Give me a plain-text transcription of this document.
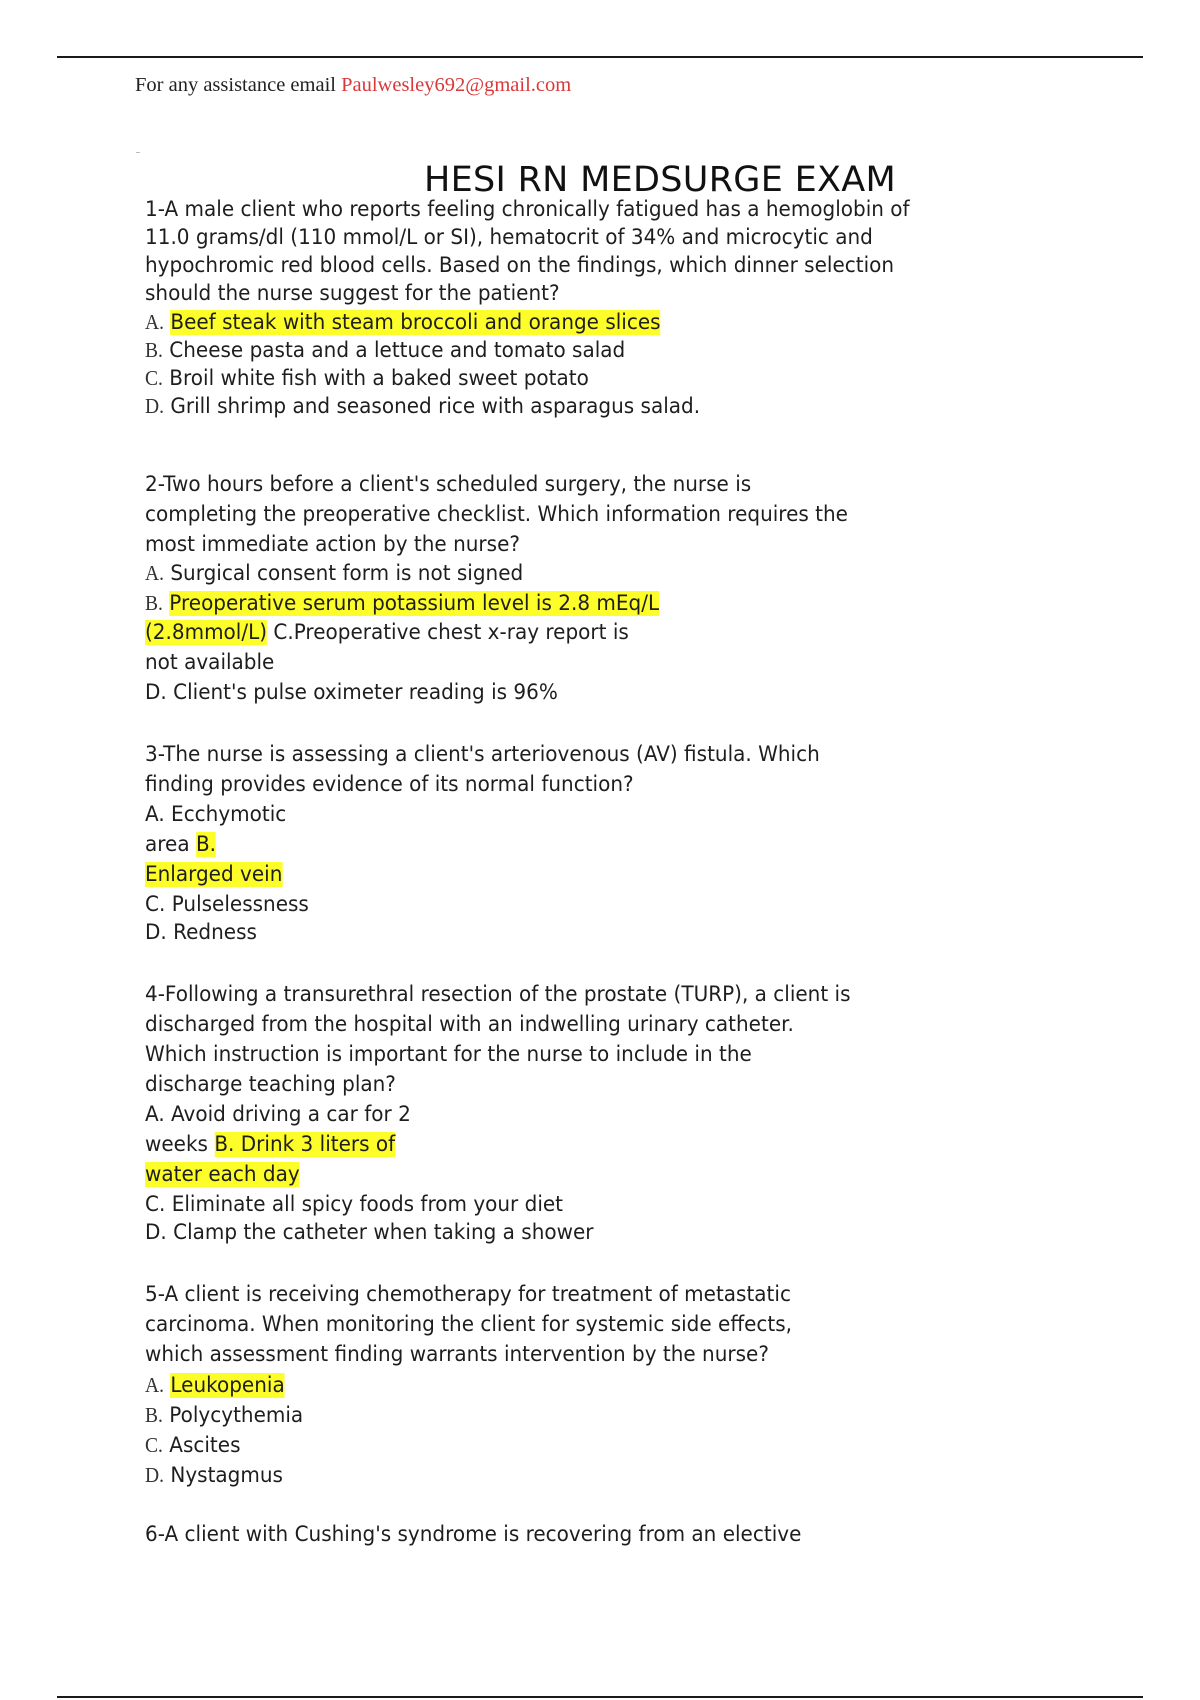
For any assistance email Paulwesley692@gmail.com
HESI RN MEDSURGE EXAM
1-A male client who reports feeling chronically fatigued has a hemoglobin of
11.0 grams/dl (110 mmol/L or SI), hematocrit of 34% and microcytic and
hypochromic red blood cells. Based on the findings, which dinner selection
should the nurse suggest for the patient?
A. Beef steak with steam broccoli and orange slices
B. Cheese pasta and a lettuce and tomato salad
C. Broil white fish with a baked sweet potato
D. Grill shrimp and seasoned rice with asparagus salad.
2-Two hours before a client's scheduled surgery, the nurse is
completing the preoperative checklist. Which information requires the
most immediate action by the nurse?
A. Surgical consent form is not signed
B. Preoperative serum potassium level is 2.8 mEq/L
(2.8mmol/L) C.Preoperative chest x-ray report is
not available
D. Client's pulse oximeter reading is 96%
3-The nurse is assessing a client's arteriovenous (AV) fistula. Which
finding provides evidence of its normal function?
A. Ecchymotic
area B.
Enlarged vein
C. Pulselessness
D. Redness
4-Following a transurethral resection of the prostate (TURP), a client is
discharged from the hospital with an indwelling urinary catheter.
Which instruction is important for the nurse to include in the
discharge teaching plan?
A. Avoid driving a car for 2
weeks B. Drink 3 liters of
water each day
C. Eliminate all spicy foods from your diet
D. Clamp the catheter when taking a shower
5-A client is receiving chemotherapy for treatment of metastatic
carcinoma. When monitoring the client for systemic side effects,
which assessment finding warrants intervention by the nurse?
A. Leukopenia
B. Polycythemia
C. Ascites
D. Nystagmus
6-A client with Cushing's syndrome is recovering from an elective
